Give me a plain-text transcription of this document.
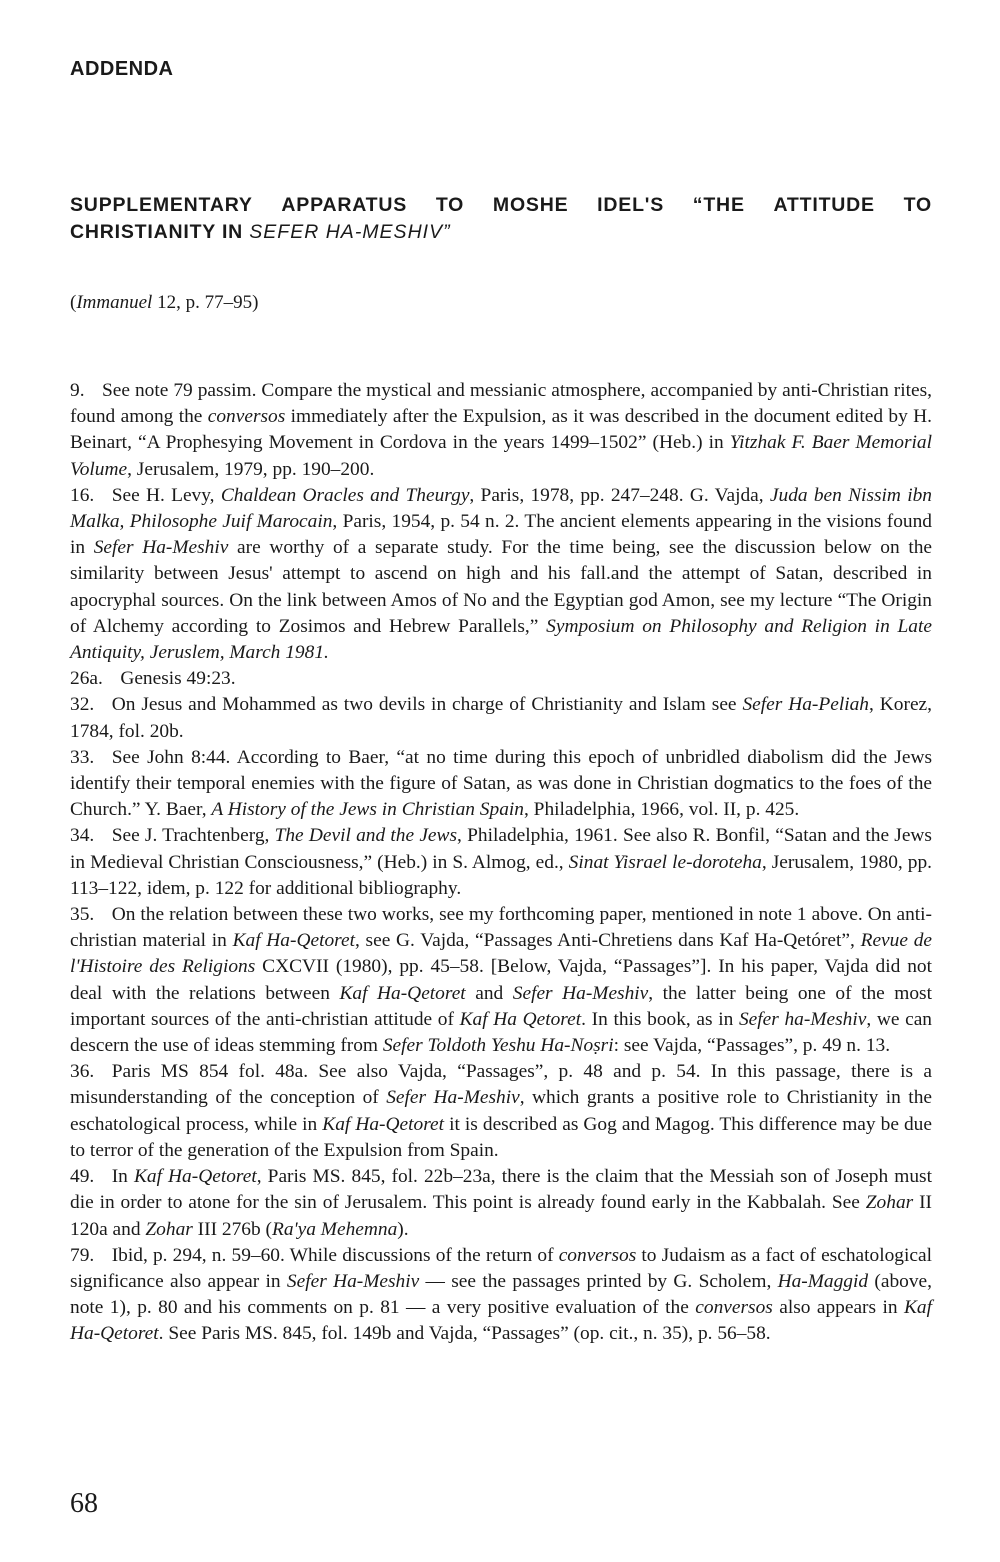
ADDENDA
SUPPLEMENTARY APPARATUS TO MOSHE IDEL'S “THE ATTITUDE TO
CHRISTIANITY IN SEFER HA-MESHIV”
(Immanuel 12, p. 77–95)

9. See note 79 passim. Compare the mystical and messianic atmosphere, accompanied by anti-Christian rites, found among the conversos immediately after the Expulsion, as it was described in the document edited by H. Beinart, “A Prophesying Movement in Cordova in the years 1499–1502” (Heb.) in Yitzhak F. Baer Memorial Volume, Jerusalem, 1979, pp. 190–200.

16. See H. Levy, Chaldean Oracles and Theurgy, Paris, 1978, pp. 247–248. G. Vajda, Juda ben Nissim ibn Malka, Philosophe Juif Marocain, Paris, 1954, p. 54 n. 2. The ancient elements appearing in the visions found in Sefer Ha-Meshiv are worthy of a separate study. For the time being, see the discussion below on the similarity between Jesus' attempt to ascend on high and his fall.and the attempt of Satan, described in apocryphal sources. On the link between Amos of No and the Egyptian god Amon, see my lecture “The Origin of Alchemy according to Zosimos and Hebrew Parallels,” Symposium on Philosophy and Religion in Late Antiquity, Jeruslem, March 1981.

26a. Genesis 49:23.

32. On Jesus and Mohammed as two devils in charge of Christianity and Islam see Sefer Ha-Peliah, Korez, 1784, fol. 20b.

33. See John 8:44. According to Baer, “at no time during this epoch of unbridled diabolism did the Jews identify their temporal enemies with the figure of Satan, as was done in Christian dogmatics to the foes of the Church.” Y. Baer, A History of the Jews in Christian Spain, Philadelphia, 1966, vol. II, p. 425.

34. See J. Trachtenberg, The Devil and the Jews, Philadelphia, 1961. See also R. Bonfil, “Satan and the Jews in Medieval Christian Consciousness,” (Heb.) in S. Almog, ed., Sinat Yisrael le-doroteha, Jerusalem, 1980, pp. 113–122, idem, p. 122 for additional bibliography.

35. On the relation between these two works, see my forthcoming paper, mentioned in note 1 above. On anti-christian material in Kaf Ha-Qetoret, see G. Vajda, “Passages Anti-Chretiens dans Kaf Ha-Qetóret”, Revue de l'Histoire des Religions CXCVII (1980), pp. 45–58. [Below, Vajda, “Passages”]. In his paper, Vajda did not deal with the relations between Kaf Ha-Qetoret and Sefer Ha-Meshiv, the latter being one of the most important sources of the anti-christian attitude of Kaf Ha Qetoret. In this book, as in Sefer ha-Meshiv, we can descern the use of ideas stemming from Sefer Toldoth Yeshu Ha-Noṣri: see Vajda, “Passages”, p. 49 n. 13.

36. Paris MS 854 fol. 48a. See also Vajda, “Passages”, p. 48 and p. 54. In this passage, there is a misunderstanding of the conception of Sefer Ha-Meshiv, which grants a positive role to Christianity in the eschatological process, while in Kaf Ha-Qetoret it is described as Gog and Magog. This difference may be due to terror of the generation of the Expulsion from Spain.

49. In Kaf Ha-Qetoret, Paris MS. 845, fol. 22b–23a, there is the claim that the Messiah son of Joseph must die in order to atone for the sin of Jerusalem. This point is already found early in the Kabbalah. See Zohar II 120a and Zohar III 276b (Ra'ya Mehemna).

79. Ibid, p. 294, n. 59–60. While discussions of the return of conversos to Judaism as a fact of eschatological significance also appear in Sefer Ha-Meshiv — see the passages printed by G. Scholem, Ha-Maggid (above, note 1), p. 80 and his comments on p. 81 — a very positive evaluation of the conversos also appears in Kaf Ha-Qetoret. See Paris MS. 845, fol. 149b and Vajda, “Passages” (op. cit., n. 35), p. 56–58.

68
